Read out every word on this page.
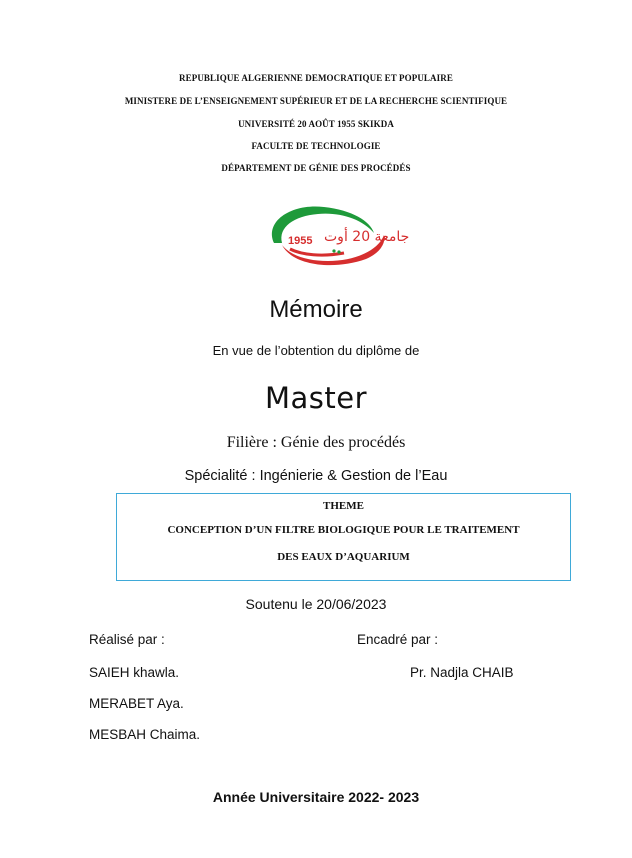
REPUBLIQUE ALGERIENNE DEMOCRATIQUE ET POPULAIRE
MINISTERE DE L’ENSEIGNEMENT SUPÉRIEUR ET DE LA RECHERCHE SCIENTIFIQUE
UNIVERSITÉ 20 AOÛT 1955 SKIKDA
FACULTE DE TECHNOLOGIE
DÉPARTEMENT DE GÉNIE DES PROCÉDÉS
1955 جامعة 20 أوت
Mémoire
En vue de l’obtention du diplôme de
Master
Filière : Génie des procédés
Spécialité : Ingénierie & Gestion de l’Eau
THEME
CONCEPTION D’UN FILTRE BIOLOGIQUE POUR LE TRAITEMENT
DES EAUX D’AQUARIUM
Soutenu le 20/06/2023
Réalisé par :	Encadré par :
SAIEH khawla.	Pr. Nadjla CHAIB
MERABET Aya.
MESBAH Chaima.
Année Universitaire 2022- 2023
